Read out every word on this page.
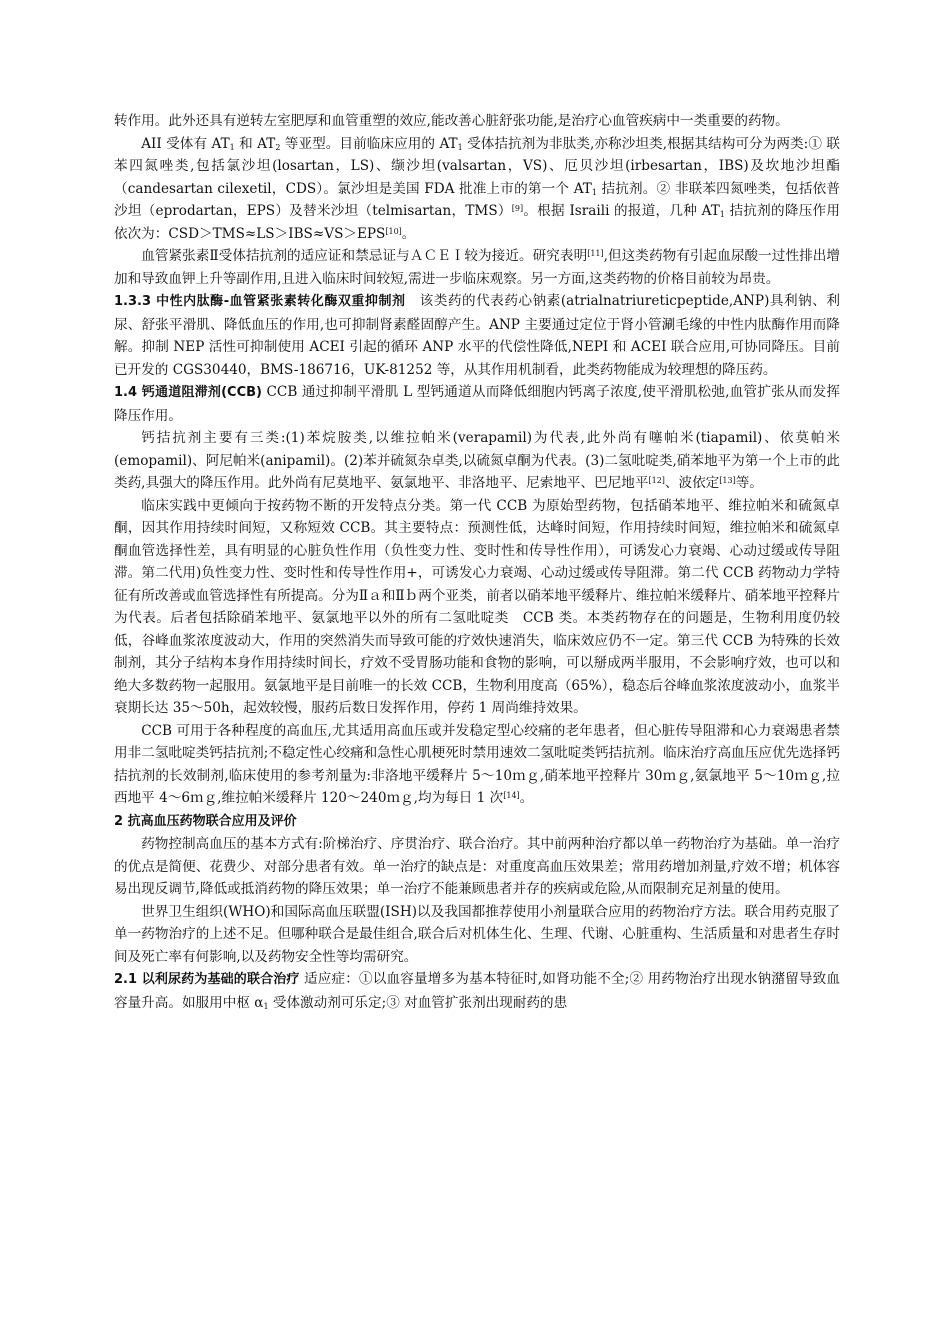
转作用。此外还具有逆转左室肥厚和血管重塑的效应,能改善心脏舒张功能,是治疗心血管疾病中一类重要的药物。

AII 受体有 $AT_1$ 和 $AT_2$ 等亚型。目前临床应用的 $AT_1$ 受体拮抗剂为非肽类,亦称沙坦类,根据其结构可分为两类:① 联苯四氮唑类,包括氯沙坦(losartan，LS)、缬沙坦(valsartan，VS)、厄贝沙坦(irbesartan，IBS)及坎地沙坦酯（candesartan cilexetil，CDS）。氯沙坦是美国 FDA 批准上市的第一个 $AT_1$ 拮抗剂。② 非联苯四氮唑类，包括依普沙坦（eprodartan，EPS）及替米沙坦（telmisartan，TMS）[9]。根据 Israili 的报道，几种 $AT_1$ 拮抗剂的降压作用依次为：CSD＞TMS≈LS＞IBS≈VS＞EPS[10]。

血管紧张素Ⅱ受体拮抗剂的适应证和禁忌证与ＡＣＥＩ较为接近。研究表明[11],但这类药物有引起血尿酸一过性排出增加和导致血钾上升等副作用,且进入临床时间较短,需进一步临床观察。另一方面,这类药物的价格目前较为昂贵。

1.3.3 中性内肽酶-血管紧张素转化酶双重抑制剂　该类药的代表药心钠素(atrialnatriureticpeptide,ANP)具利钠、利尿、舒张平滑肌、降低血压的作用,也可抑制肾素醛固醇产生。ANP 主要通过定位于肾小管涮毛缘的中性内肽酶作用而降解。抑制 NEP 活性可抑制使用 ACEI 引起的循环 ANP 水平的代偿性降低,NEPI 和 ACEI 联合应用,可协同降压。目前已开发的 CGS30440，BMS-186716，UK-81252 等，从其作用机制看，此类药物能成为较理想的降压药。

1.4 钙通道阻滞剂(CCB) CCB 通过抑制平滑肌 L 型钙通道从而降低细胞内钙离子浓度,使平滑肌松弛,血管扩张从而发挥降压作用。

钙拮抗剂主要有三类:(1)苯烷胺类,以维拉帕米(verapamil)为代表,此外尚有噻帕米(tiapamil)、依莫帕米(emopamil)、阿尼帕米(anipamil)。(2)苯并硫氮杂卓类,以硫氮卓酮为代表。(3)二氢吡啶类,硝苯地平为第一个上市的此类药,具强大的降压作用。此外尚有尼莫地平、氨氯地平、非洛地平、尼索地平、巴尼地平[12]、波依定[13]等。

临床实践中更倾向于按药物不断的开发特点分类。第一代 CCB 为原始型药物，包括硝苯地平、维拉帕米和硫氮卓酮，因其作用持续时间短，又称短效 CCB。其主要特点：预测性低，达峰时间短，作用持续时间短，维拉帕米和硫氮卓酮血管选择性差，具有明显的心脏负性作用（负性变力性、变时性和传导性作用），可诱发心力衰竭、心动过缓或传导阻滞。第二代用)负性变力性、变时性和传导性作用+，可诱发心力衰竭、心动过缓或传导阻滞。第二代 CCB 药物动力学特征有所改善或血管选择性有所提高。分为Ⅱａ和Ⅱｂ两个亚类，前者以硝苯地平缓释片、维拉帕米缓释片、硝苯地平控释片为代表。后者包括除硝苯地平、氨氯地平以外的所有二氢吡啶类　CCB 类。本类药物存在的问题是，生物利用度仍较低，谷峰血浆浓度波动大，作用的突然消失而导致可能的疗效快速消失，临床效应仍不一定。第三代 CCB 为特殊的长效制剂，其分子结构本身作用持续时间长，疗效不受胃肠功能和食物的影响，可以掰成两半服用，不会影响疗效，也可以和绝大多数药物一起服用。氨氯地平是目前唯一的长效 CCB，生物利用度高（65%），稳态后谷峰血浆浓度波动小，血浆半衰期长达 35～50h，起效较慢，服药后数日发挥作用，停药 1 周尚维持效果。

CCB 可用于各种程度的高血压,尤其适用高血压或并发稳定型心绞痛的老年患者，但心脏传导阻滞和心力衰竭患者禁用非二氢吡啶类钙拮抗剂;不稳定性心绞痛和急性心肌梗死时禁用速效二氢吡啶类钙拮抗剂。临床治疗高血压应优先选择钙拮抗剂的长效制剂,临床使用的参考剂量为:非洛地平缓释片 5～10ｍｇ,硝苯地平控释片 30ｍｇ,氨氯地平 5～10ｍｇ,拉西地平 4～6ｍｇ,维拉帕米缓释片 120～240ｍｇ,均为每日 1 次[14]。

2 抗高血压药物联合应用及评价

药物控制高血压的基本方式有:阶梯治疗、序贯治疗、联合治疗。其中前两种治疗都以单一药物治疗为基础。单一治疗的优点是简便、花费少、对部分患者有效。单一治疗的缺点是：对重度高血压效果差；常用药增加剂量,疗效不增；机体容易出现反调节,降低或抵消药物的降压效果；单一治疗不能兼顾患者并存的疾病或危险,从而限制充足剂量的使用。

世界卫生组织(WHO)和国际高血压联盟(ISH)以及我国都推荐使用小剂量联合应用的药物治疗方法。联合用药克服了单一药物治疗的上述不足。但哪种联合是最佳组合,联合后对机体生化、生理、代谢、心脏重构、生活质量和对患者生存时间及死亡率有何影响,以及药物安全性等均需研究。

2.1 以利尿药为基础的联合治疗 适应症：①以血容量增多为基本特征时,如肾功能不全;② 用药物治疗出现水钠潴留导致血容量升高。如服用中枢 $\alpha_1$ 受体激动剂可乐定;③ 对血管扩张剂出现耐药的患
